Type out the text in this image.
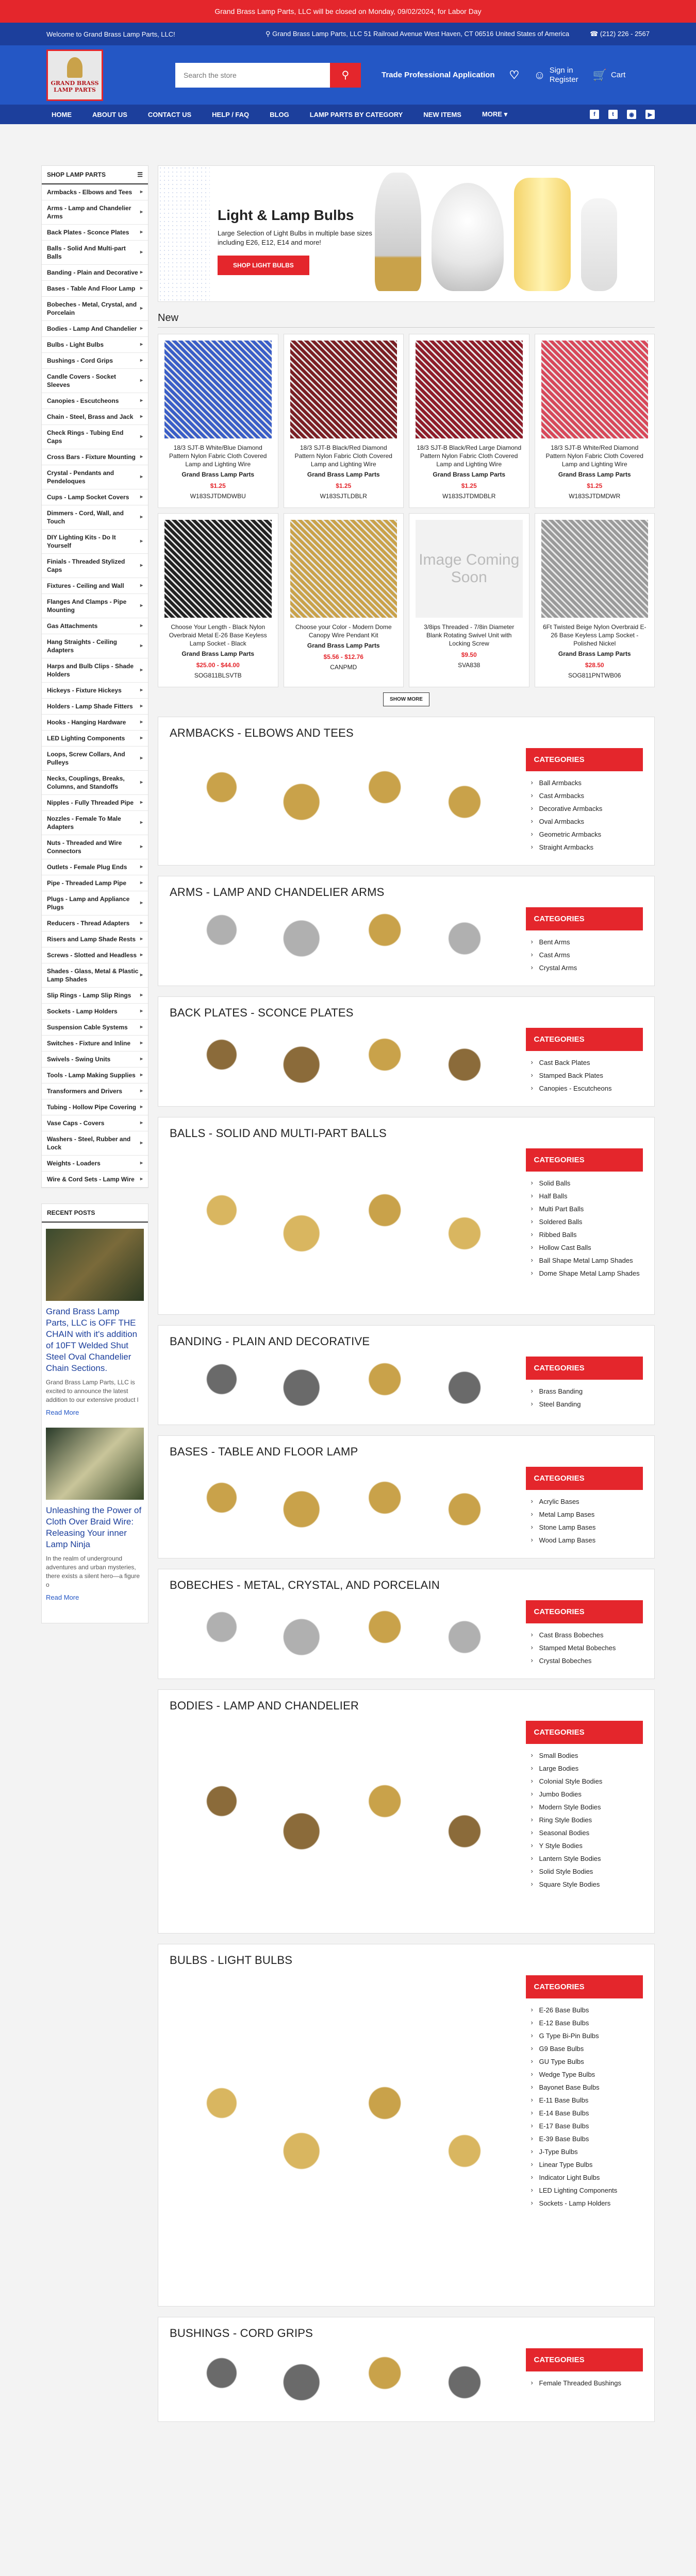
Grand Brass Lamp Parts, LLC will be closed on Monday, 09/02/2024, for Labor Day
Welcome to Grand Brass Lamp Parts, LLC!	⚲ Grand Brass Lamp Parts, LLC 51 Railroad Avenue West Haven, CT 06516 United States of America	☎ (212) 226 - 2567
GRAND BRASS LAMP PARTS
Search the store
⚲	Trade Professional Application ♡ ☺ Sign in
Register 🛒 Cart
HOME	ABOUT US	CONTACT US	HELP / FAQ	BLOG	LAMP PARTS BY CATEGORY	NEW ITEMS	MORE ▾	f	t	◉	▶
SHOP LAMP PARTS	☰
Armbacks - Elbows and Tees ▸
Arms - Lamp and Chandelier Arms
▸
Back Plates - Sconce Plates ▸
Balls - Solid And Multi-part Balls
▸
Banding - Plain and Decorative ▸
Bases - Table And Floor Lamp ▸
Bobeches - Metal, Crystal, and Porcelain
▸
Bodies - Lamp And Chandelier ▸
Bulbs - Light Bulbs	▸
Bushings - Cord Grips	▸
Candle Covers - Socket Sleeves
▸
Canopies - Escutcheons	▸
Chain - Steel, Brass and Jack ▸
Check Rings - Tubing End Caps
▸
Cross Bars - Fixture Mounting ▸
Crystal - Pendants and Pendeloques
▸
Cups - Lamp Socket Covers ▸
Dimmers - Cord, Wall, and Touch
▸
DIY Lighting Kits - Do It Yourself
▸
Finials - Threaded Stylized Caps
▸
Fixtures - Ceiling and Wall	▸
Flanges And Clamps - Pipe Mounting
▸
Gas Attachments	▸
Hang Straights - Ceiling Adapters
▸
Harps and Bulb Clips - Shade Holders
▸
Hickeys - Fixture Hickeys	▸
Holders - Lamp Shade Fitters ▸
Hooks - Hanging Hardware	▸
LED Lighting Components	▸
Loops, Screw Collars, And Pulleys
▸
Necks, Couplings, Breaks, Columns, and Standoffs
▸
Nipples - Fully Threaded Pipe ▸
Nozzles - Female To Male Adapters
▸
Nuts - Threaded and Wire Connectors
▸
Outlets - Female Plug Ends	▸
Pipe - Threaded Lamp Pipe	▸
Plugs - Lamp and Appliance Plugs
▸
Reducers - Thread Adapters ▸
Risers and Lamp Shade Rests ▸
Screws - Slotted and Headless ▸
Shades - Glass, Metal & Plastic Lamp Shades
▸
Slip Rings - Lamp Slip Rings ▸
Sockets - Lamp Holders	▸
Suspension Cable Systems ▸
Switches - Fixture and Inline ▸
Swivels - Swing Units	▸
Tools - Lamp Making Supplies ▸
Transformers and Drivers	▸
Tubing - Hollow Pipe Covering ▸
Vase Caps - Covers	▸
Washers - Steel, Rubber and Lock
▸
Weights - Loaders	▸
Wire & Cord Sets - Lamp Wire ▸
RECENT POSTS
Grand Brass Lamp Parts, LLC is OFF THE CHAIN with it's addition of 10FT Welded Shut Steel Oval Chandelier Chain Sections.
Grand Brass Lamp Parts, LLC is excited to announce the latest addition to our extensive product l
Read More
Unleashing the Power of Cloth Over Braid Wire: Releasing Your inner Lamp Ninja
In the realm of underground adventures and urban mysteries, there exists a silent hero—a figure o
Read More
Light & Lamp Bulbs

Large Selection of Light Bulbs in multiple base sizes including E26, E12, E14 and more!

SHOP LIGHT BULBS
New
18/3 SJT-B White/Blue Diamond Pattern Nylon Fabric Cloth Covered Lamp and Lighting Wire
Grand Brass Lamp Parts
$1.25
W183SJTDMDWBU
18/3 SJT-B Black/Red Diamond Pattern Nylon Fabric Cloth Covered Lamp and Lighting Wire
Grand Brass Lamp Parts
$1.25
W183SJTLDBLR
18/3 SJT-B Black/Red Large Diamond Pattern Nylon Fabric Cloth Covered Lamp and Lighting Wire
Grand Brass Lamp Parts
$1.25
W183SJTDMDBLR
18/3 SJT-B White/Red Diamond Pattern Nylon Fabric Cloth Covered Lamp and Lighting Wire
Grand Brass Lamp Parts
$1.25
W183SJTDMDWR
Choose Your Length - Black Nylon Overbraid Metal E-26 Base Keyless Lamp Socket - Black
Grand Brass Lamp Parts
$25.00 - $44.00
SOG811BLSVTB
Choose your Color - Modern Dome Canopy Wire Pendant Kit
Grand Brass Lamp Parts
$5.56 - $12.76
CANPMD
Image Coming Soon
3/8ips Threaded - 7/8in Diameter Blank Rotating Swivel Unit with Locking Screw
$9.50
SVA838
6Ft Twisted Beige Nylon Overbraid E-26 Base Keyless Lamp Socket - Polished Nickel
Grand Brass Lamp Parts
$28.50
SOG811PNTWB06
SHOW MORE
ARMBACKS - ELBOWS AND TEES
CATEGORIES
› Ball Armbacks
› Cast Armbacks
› Decorative Armbacks
› Oval Armbacks
› Geometric Armbacks
› Straight Armbacks
ARMS - LAMP AND CHANDELIER ARMS
CATEGORIES
› Bent Arms
› Cast Arms
› Crystal Arms
BACK PLATES - SCONCE PLATES
CATEGORIES
› Cast Back Plates
› Stamped Back Plates
› Canopies - Escutcheons
BALLS - SOLID AND MULTI-PART BALLS
CATEGORIES
› Solid Balls
› Half Balls
› Multi Part Balls
› Soldered Balls
› Ribbed Balls
› Hollow Cast Balls
› Ball Shape Metal Lamp Shades
› Dome Shape Metal Lamp Shades
BANDING - PLAIN AND DECORATIVE
CATEGORIES
› Brass Banding
› Steel Banding
BASES - TABLE AND FLOOR LAMP
CATEGORIES
› Acrylic Bases
› Metal Lamp Bases
› Stone Lamp Bases
› Wood Lamp Bases
BOBECHES - METAL, CRYSTAL, AND PORCELAIN
CATEGORIES
› Cast Brass Bobeches
› Stamped Metal Bobeches
› Crystal Bobeches
BODIES - LAMP AND CHANDELIER
CATEGORIES
› Small Bodies
› Large Bodies
› Colonial Style Bodies
› Jumbo Bodies
› Modern Style Bodies
› Ring Style Bodies
› Seasonal Bodies
› Y Style Bodies
› Lantern Style Bodies
› Solid Style Bodies
› Square Style Bodies
BULBS - LIGHT BULBS
CATEGORIES
› E-26 Base Bulbs
› E-12 Base Bulbs
› G Type Bi-Pin Bulbs
› G9 Base Bulbs
› GU Type Bulbs
› Wedge Type Bulbs
› Bayonet Base Bulbs
› E-11 Base Bulbs
› E-14 Base Bulbs
› E-17 Base Bulbs
› E-39 Base Bulbs
› J-Type Bulbs
› Linear Type Bulbs
› Indicator Light Bulbs
› LED Lighting Components
› Sockets - Lamp Holders
BUSHINGS - CORD GRIPS
CATEGORIES
› Female Threaded Bushings
